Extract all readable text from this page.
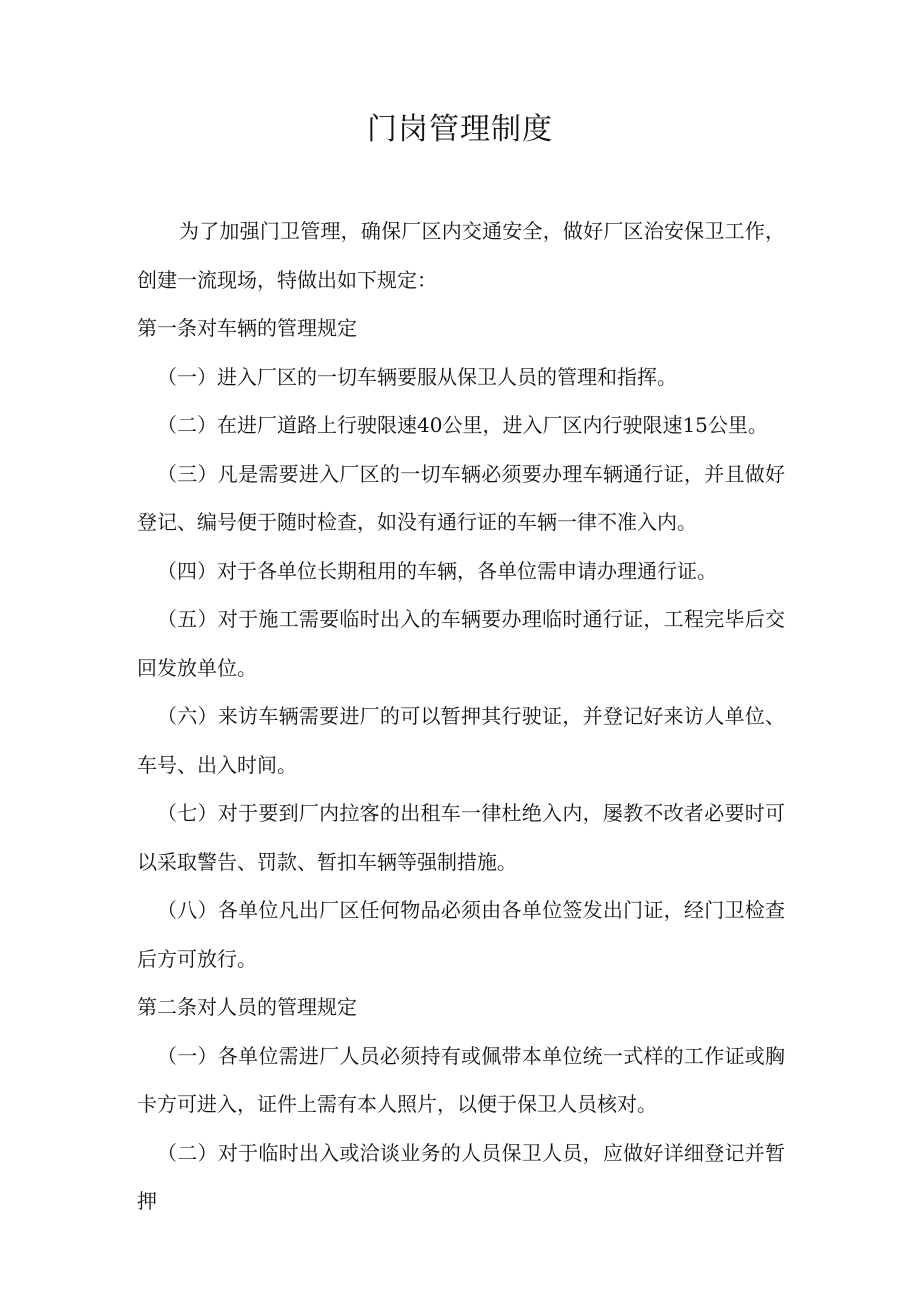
门岗管理制度

为了加强门卫管理，确保厂区内交通安全，做好厂区治安保卫工作，创建一流现场，特做出如下规定：

第一条对车辆的管理规定

（一）进入厂区的一切车辆要服从保卫人员的管理和指挥。

（二）在进厂道路上行驶限速40公里，进入厂区内行驶限速15公里。

（三）凡是需要进入厂区的一切车辆必须要办理车辆通行证，并且做好登记、编号便于随时检查，如没有通行证的车辆一律不准入内。

（四）对于各单位长期租用的车辆，各单位需申请办理通行证。

（五）对于施工需要临时出入的车辆要办理临时通行证，工程完毕后交回发放单位。

（六）来访车辆需要进厂的可以暂押其行驶证，并登记好来访人单位、车号、出入时间。

（七）对于要到厂内拉客的出租车一律杜绝入内，屡教不改者必要时可以采取警告、罚款、暂扣车辆等强制措施。

（八）各单位凡出厂区任何物品必须由各单位签发出门证，经门卫检查后方可放行。

第二条对人员的管理规定

（一）各单位需进厂人员必须持有或佩带本单位统一式样的工作证或胸卡方可进入，证件上需有本人照片，以便于保卫人员核对。

（二）对于临时出入或洽谈业务的人员保卫人员，应做好详细登记并暂押
